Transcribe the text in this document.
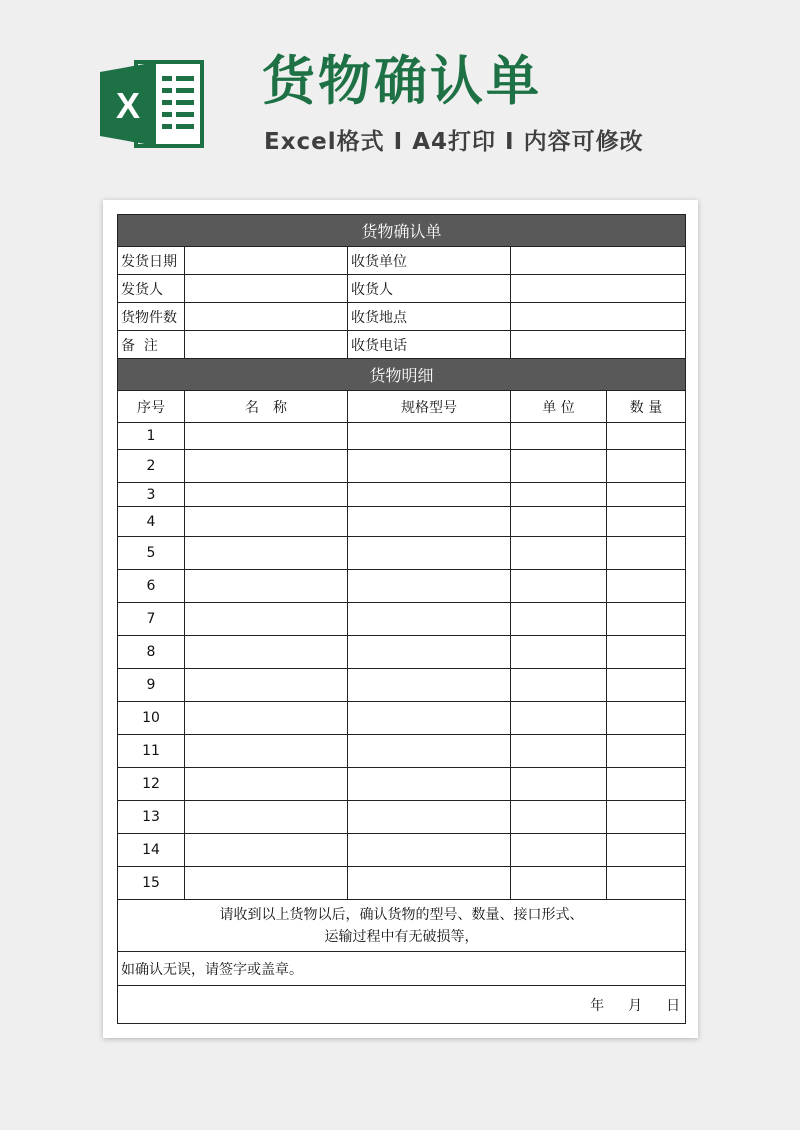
X 货物确认单
Excel格式 I A4打印 I 内容可修改
货物确认单				
发货日期		收货单位		
发货人		收货人		
货物件数		收货地点		
备  注		收货电话		
货物明细				
序号	名　称	规格型号	单 位	数 量
1				
2				
3				
4				
5				
6				
7				
8				
9				
10				
11				
12				
13				
14				
15				

请收到以上货物以后，确认货物的型号、数量、接口形式、
运输过程中有无破损等，				

如确认无误，请签字或盖章。				
年 月 日				
